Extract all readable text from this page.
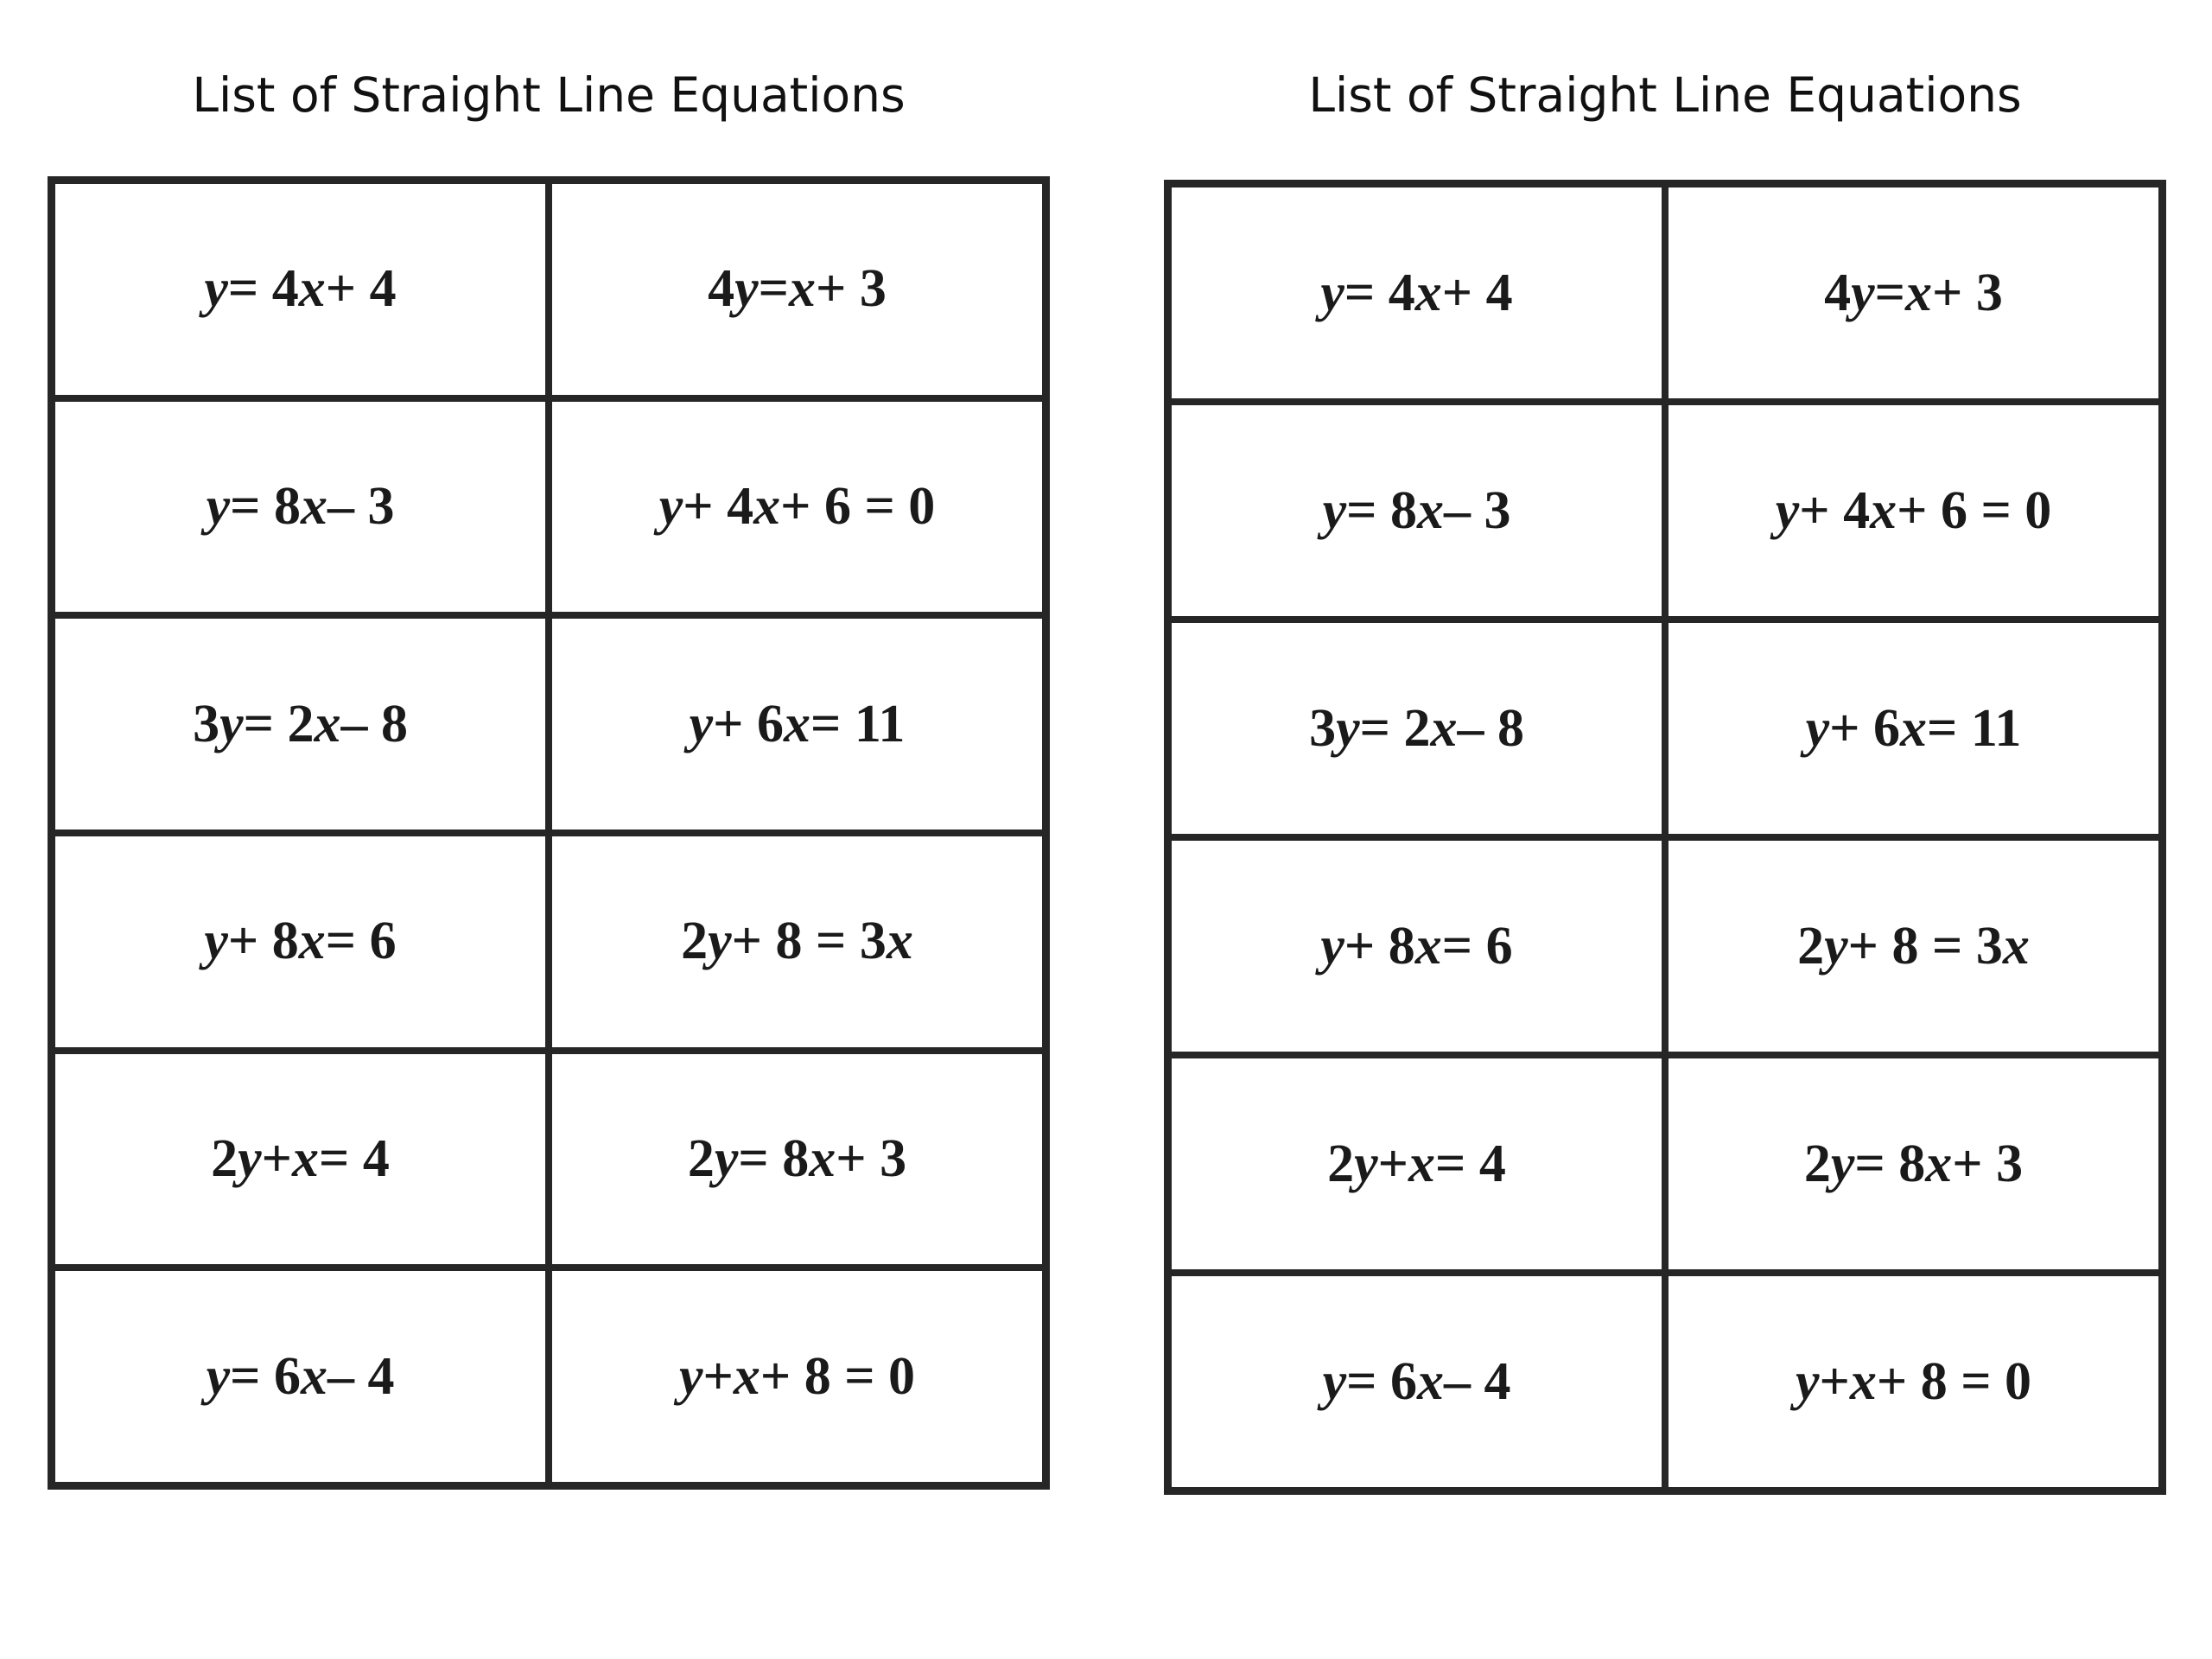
List of Straight Line Equations
y = 4 x + 4	4 y = x + 3
y = 8 x – 3	y + 4 x + 6 = 0
3 y = 2 x – 8	y + 6 x = 11
y + 8 x = 6	2 y + 8 = 3 x
2 y + x = 4	2 y = 8 x + 3
y = 6 x – 4	y + x + 8 = 0
List of Straight Line Equations
y = 4 x + 4	4 y = x + 3
y = 8 x – 3	y + 4 x + 6 = 0
3 y = 2 x – 8	y + 6 x = 11
y + 8 x = 6	2 y + 8 = 3 x
2 y + x = 4	2 y = 8 x + 3
y = 6 x – 4	y + x + 8 = 0
